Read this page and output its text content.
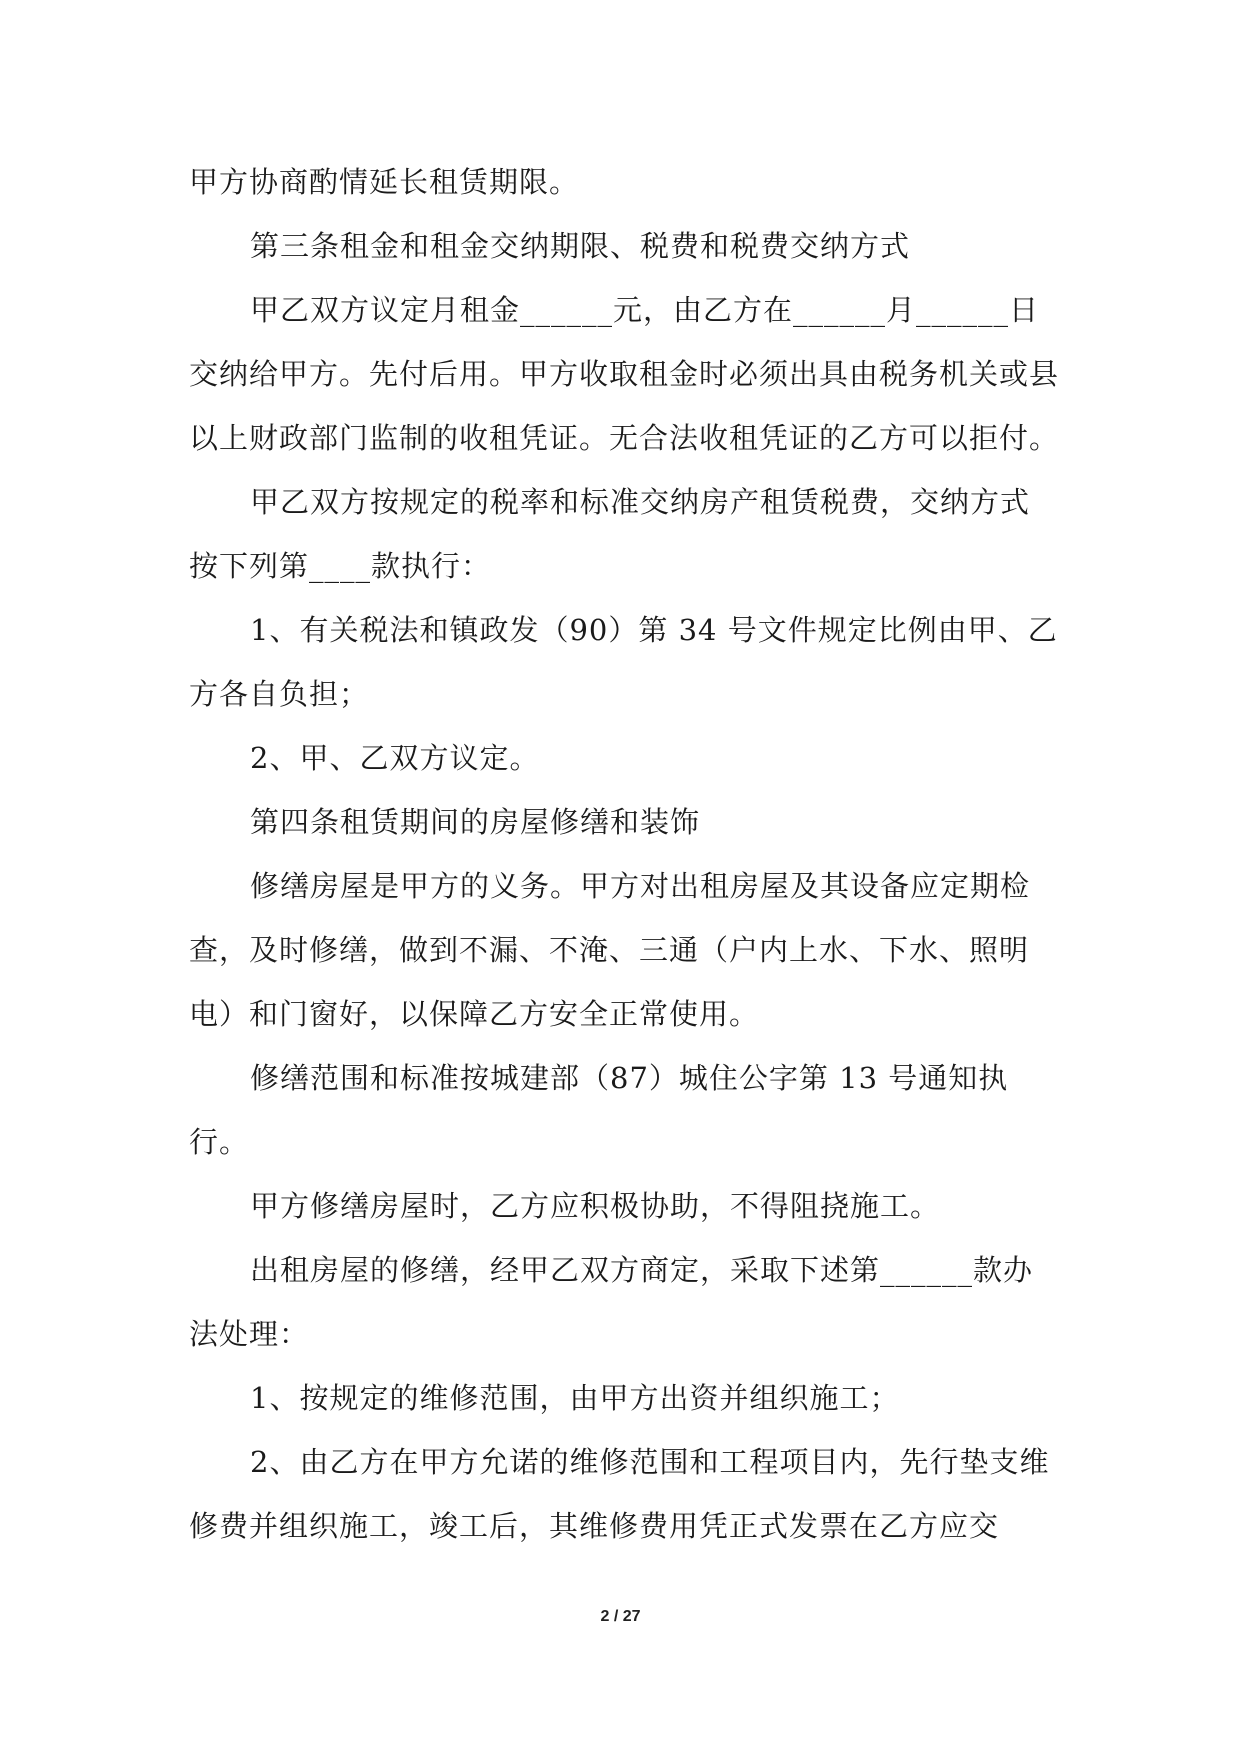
甲方协商酌情延长租赁期限。

第三条租金和租金交纳期限、税费和税费交纳方式

甲乙双方议定月租金______元，由乙方在______月______日交纳给甲方。先付后用。甲方收取租金时必须出具由税务机关或县以上财政部门监制的收租凭证。无合法收租凭证的乙方可以拒付。

甲乙双方按规定的税率和标准交纳房产租赁税费，交纳方式按下列第____款执行：

1、有关税法和镇政发（90）第 34 号文件规定比例由甲、乙方各自负担；

2、甲、乙双方议定。

第四条租赁期间的房屋修缮和装饰

修缮房屋是甲方的义务。甲方对出租房屋及其设备应定期检查，及时修缮，做到不漏、不淹、三通（户内上水、下水、照明电）和门窗好，以保障乙方安全正常使用。

修缮范围和标准按城建部（87）城住公字第 13 号通知执行。

甲方修缮房屋时，乙方应积极协助，不得阻挠施工。

出租房屋的修缮，经甲乙双方商定，采取下述第______款办法处理：

1、按规定的维修范围，由甲方出资并组织施工；

2、由乙方在甲方允诺的维修范围和工程项目内，先行垫支维修费并组织施工，竣工后，其维修费用凭正式发票在乙方应交

2 / 27
